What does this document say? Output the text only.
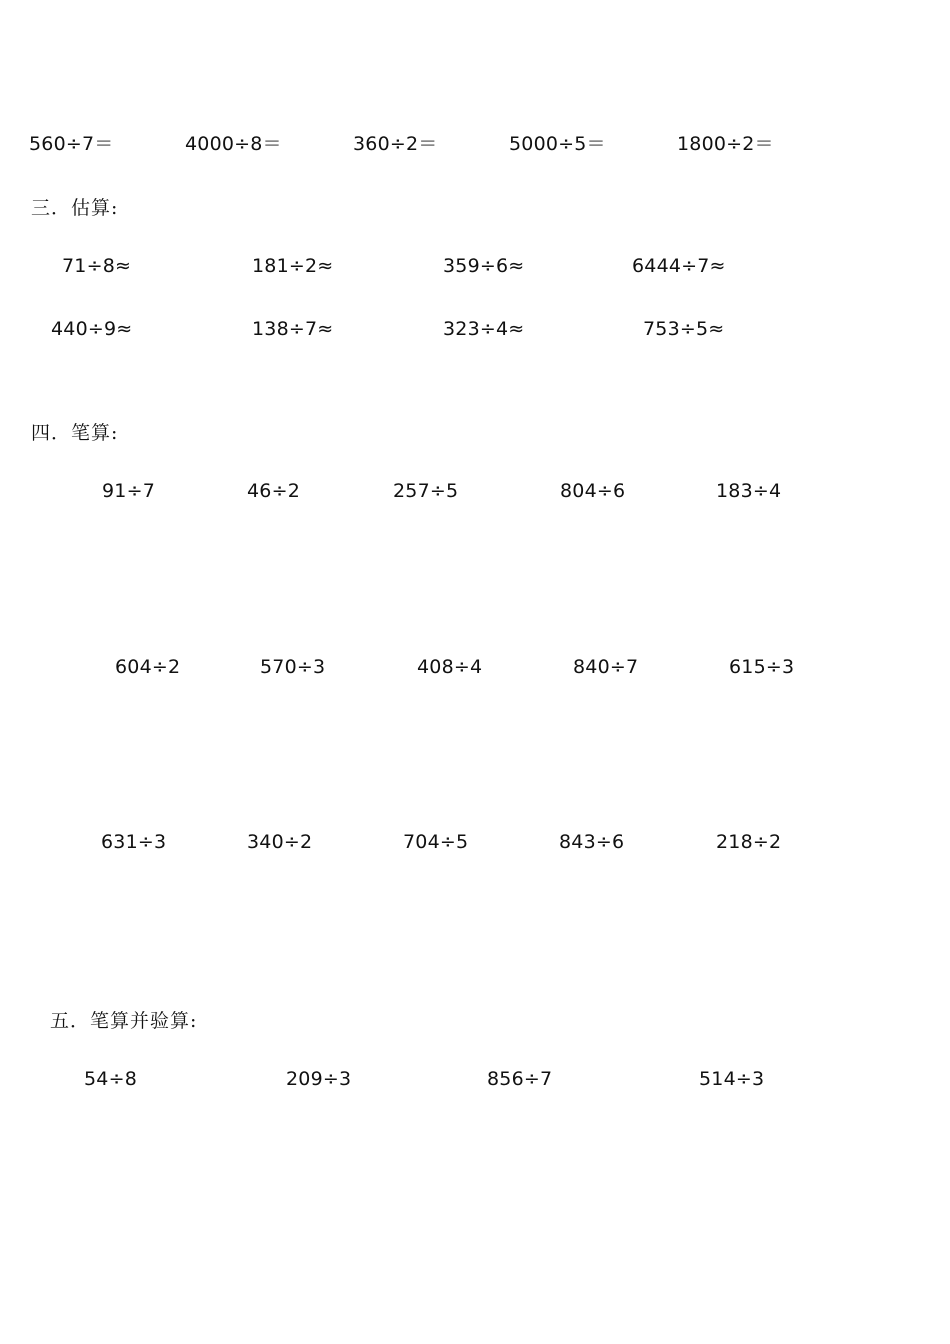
560÷7＝	4000÷8＝	360÷2＝	5000÷5＝	1800÷2＝
三．估算:
71÷8≈	181÷2≈	359÷6≈	6444÷7≈
440÷9≈	138÷7≈	323÷4≈	753÷5≈
四．笔算:
91÷7	46÷2	257÷5	804÷6	183÷4
604÷2	570÷3	408÷4	840÷7	615÷3
631÷3	340÷2	704÷5	843÷6	218÷2
五．笔算并验算:
54÷8	209÷3	856÷7	514÷3
